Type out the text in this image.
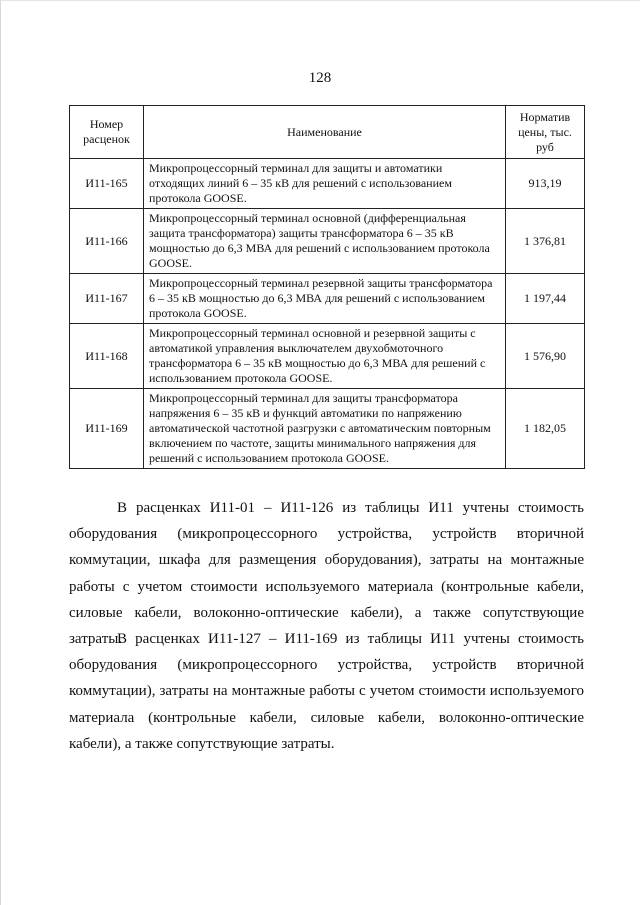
128
Номер расценок	Наименование	Норматив цены, тыс. руб
И11-165	Микропроцессорный терминал для защиты и автоматики отходящих линий 6 – 35 кВ для решений с использованием протокола GOOSE.	913,19
И11-166	Микропроцессорный терминал основной (дифференциальная защита трансформатора) защиты трансформатора 6 – 35 кВ мощностью до 6,3 МВА для решений с использованием протокола GOOSE.	1 376,81
И11-167	Микропроцессорный терминал резервной защиты трансформатора 6 – 35 кВ мощностью до 6,3 МВА для решений с использованием протокола GOOSE.	1 197,44
И11-168	Микропроцессорный терминал основной и резервной защиты с автоматикой управления выключателем двухобмоточного трансформатора 6 – 35 кВ мощностью до 6,3 МВА для решений с использованием протокола GOOSE.	1 576,90
И11-169	Микропроцессорный терминал для защиты трансформатора напряжения 6 – 35 кВ и функций автоматики по напряжению автоматической частотной разгрузки с автоматическим повторным включением по частоте, защиты минимального напряжения для решений с использованием протокола GOOSE.	1 182,05

В расценках И11-01 – И11-126 из таблицы И11 учтены стоимость оборудования (микропроцессорного устройства, устройств вторичной коммутации, шкафа для размещения оборудования), затраты на монтажные работы с учетом стоимости используемого материала (контрольные кабели, силовые кабели, волоконно-оптические кабели), а также сопутствующие затраты.

В расценках И11-127 – И11-169 из таблицы И11 учтены стоимость оборудования (микропроцессорного устройства, устройств вторичной коммутации), затраты на монтажные работы с учетом стоимости используемого материала (контрольные кабели, силовые кабели, волоконно-оптические кабели), а также сопутствующие затраты.
